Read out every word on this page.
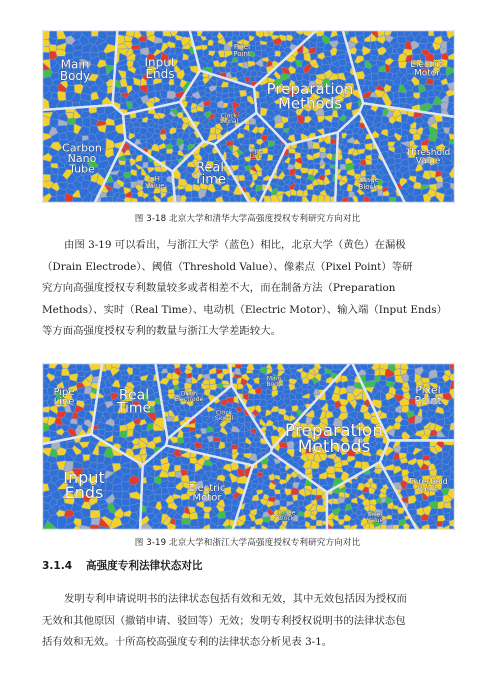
Main Body
Input Ends
Pixel Point
Electric Motor
Preparation Methods
Carbon Nano Tube
Clock Signal
Pipe Line
pH Value
Real Time
Threshold Value
Image Block
图 3-18 北京大学和清华大学高强度授权专利研究方向对比

由图 3-19 可以看出，与浙江大学（蓝色）相比，北京大学（黄色）在漏极

（Drain Electrode）、阈值（Threshold Value）、像素点（Pixel Point）等研

究方向高强度授权专利数量较多或者相差不大，而在制备方法（Preparation

Methods）、实时（Real Time）、电动机（Electric Motor）、输入端（Input Ends）

等方面高强度授权专利的数量与浙江大学差距较大。

Pipe Line	Real Time
Drain Electrode
Clock Signal
Preparation Methods
Pixel Point
Input Ends	Electric Motor
Threshold Value
Main Body
Image Block
Pixel Value
图 3-19 北京大学和浙江大学高强度授权专利研究方向对比
3.1.4 高强度专利法律状态对比

发明专利申请说明书的法律状态包括有效和无效，其中无效包括因为授权而

无效和其他原因（撤销申请、驳回等）无效；发明专利授权说明书的法律状态包

括有效和无效。十所高校高强度专利的法律状态分析见表 3-1。
